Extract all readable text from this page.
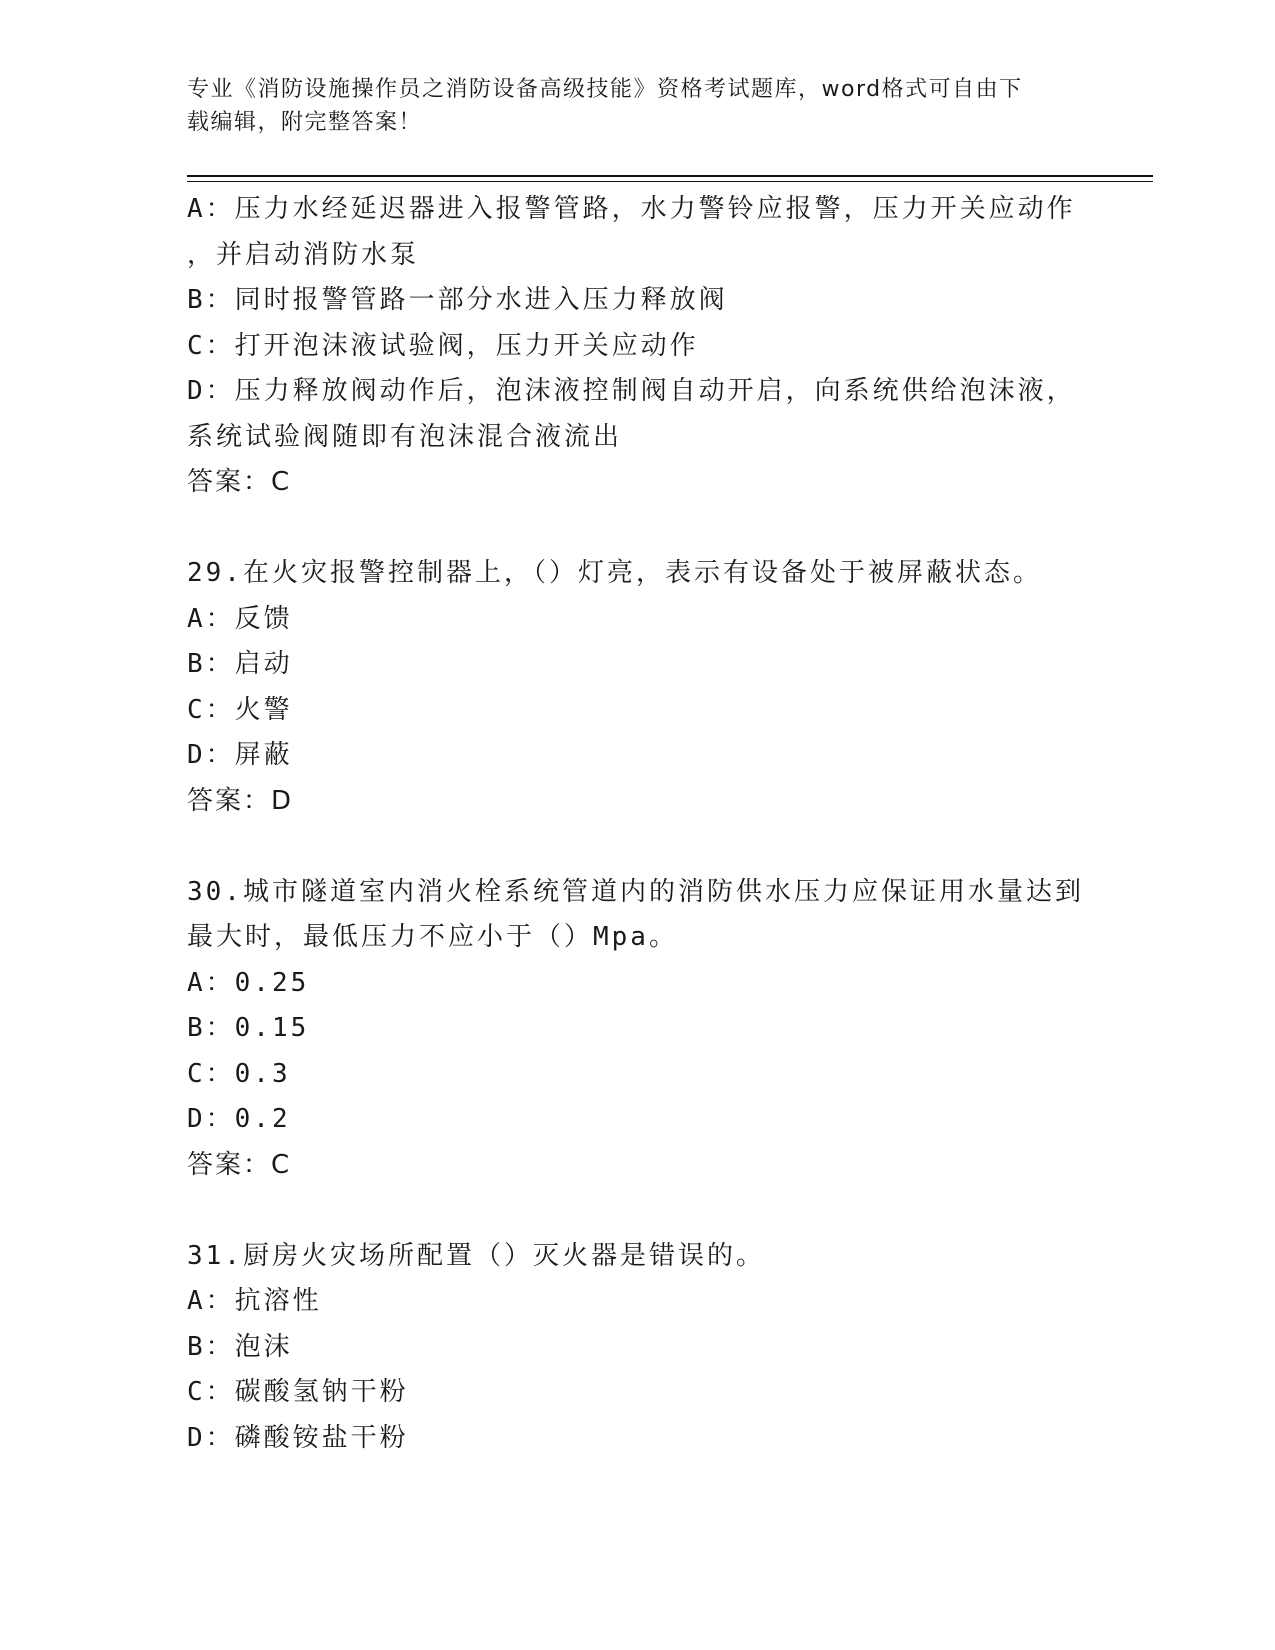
专业《消防设施操作员之消防设备高级技能》资格考试题库，word格式可自由下
载编辑，附完整答案！
A：压力水经延迟器进入报警管路，水力警铃应报警，压力开关应动作
，并启动消防水泵
B：同时报警管路一部分水进入压力释放阀
C：打开泡沫液试验阀，压力开关应动作
D：压力释放阀动作后，泡沫液控制阀自动开启，向系统供给泡沫液，
系统试验阀随即有泡沫混合液流出
答案：C
29.在火灾报警控制器上，（）灯亮，表示有设备处于被屏蔽状态。
A：反馈
B：启动
C：火警
D：屏蔽
答案：D
30.城市隧道室内消火栓系统管道内的消防供水压力应保证用水量达到
最大时，最低压力不应小于（）Mpa。
A：0.25
B：0.15
C：0.3
D：0.2
答案：C
31.厨房火灾场所配置（）灭火器是错误的。
A：抗溶性
B：泡沫
C：碳酸氢钠干粉
D：磷酸铵盐干粉
